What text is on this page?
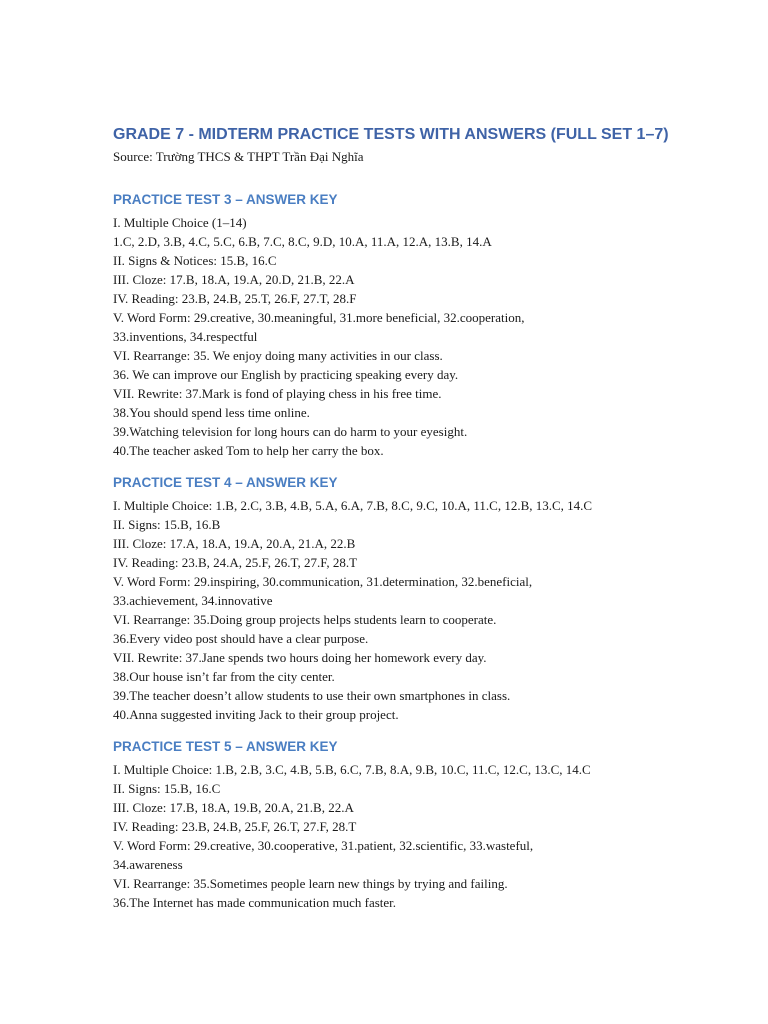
GRADE 7 - MIDTERM PRACTICE TESTS WITH ANSWERS (FULL SET 1–7)

Source: Trường THCS & THPT Trần Đại Nghĩa

PRACTICE TEST 3 – ANSWER KEY

I. Multiple Choice (1–14)

1.C, 2.D, 3.B, 4.C, 5.C, 6.B, 7.C, 8.C, 9.D, 10.A, 11.A, 12.A, 13.B, 14.A

II. Signs & Notices: 15.B, 16.C

III. Cloze: 17.B, 18.A, 19.A, 20.D, 21.B, 22.A

IV. Reading: 23.B, 24.B, 25.T, 26.F, 27.T, 28.F

V. Word Form: 29.creative, 30.meaningful, 31.more beneficial, 32.cooperation,

33.inventions, 34.respectful

VI. Rearrange: 35. We enjoy doing many activities in our class.

36. We can improve our English by practicing speaking every day.

VII. Rewrite: 37.Mark is fond of playing chess in his free time.

38.You should spend less time online.

39.Watching television for long hours can do harm to your eyesight.

40.The teacher asked Tom to help her carry the box.

PRACTICE TEST 4 – ANSWER KEY

I. Multiple Choice: 1.B, 2.C, 3.B, 4.B, 5.A, 6.A, 7.B, 8.C, 9.C, 10.A, 11.C, 12.B, 13.C, 14.C

II. Signs: 15.B, 16.B

III. Cloze: 17.A, 18.A, 19.A, 20.A, 21.A, 22.B

IV. Reading: 23.B, 24.A, 25.F, 26.T, 27.F, 28.T

V. Word Form: 29.inspiring, 30.communication, 31.determination, 32.beneficial,

33.achievement, 34.innovative

VI. Rearrange: 35.Doing group projects helps students learn to cooperate.

36.Every video post should have a clear purpose.

VII. Rewrite: 37.Jane spends two hours doing her homework every day.

38.Our house isn’t far from the city center.

39.The teacher doesn’t allow students to use their own smartphones in class.

40.Anna suggested inviting Jack to their group project.

PRACTICE TEST 5 – ANSWER KEY

I. Multiple Choice: 1.B, 2.B, 3.C, 4.B, 5.B, 6.C, 7.B, 8.A, 9.B, 10.C, 11.C, 12.C, 13.C, 14.C

II. Signs: 15.B, 16.C

III. Cloze: 17.B, 18.A, 19.B, 20.A, 21.B, 22.A

IV. Reading: 23.B, 24.B, 25.F, 26.T, 27.F, 28.T

V. Word Form: 29.creative, 30.cooperative, 31.patient, 32.scientific, 33.wasteful,

34.awareness

VI. Rearrange: 35.Sometimes people learn new things by trying and failing.

36.The Internet has made communication much faster.
